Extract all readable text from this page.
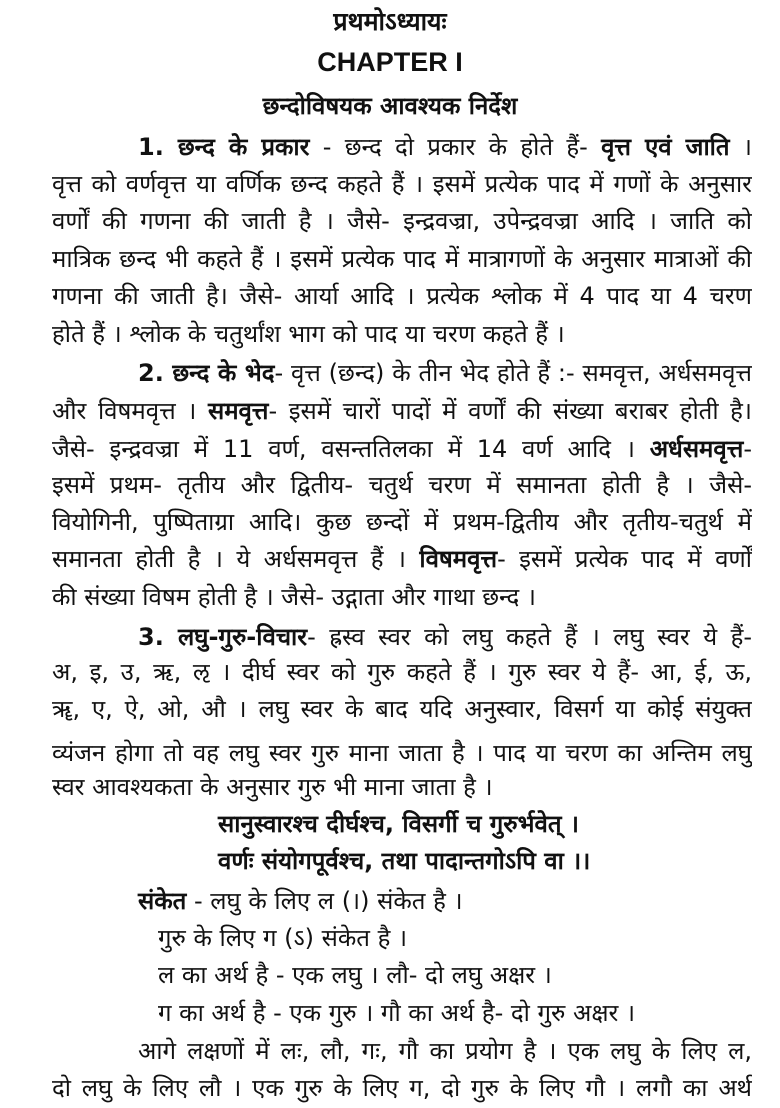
प्रथमोऽध्यायः
CHAPTER I
छन्दोविषयक आवश्यक निर्देश
1. छन्द के प्रकार - छन्द दो प्रकार के होते हैं- वृत्त एवं जाति ।
वृत्त को वर्णवृत्त या वर्णिक छन्द कहते हैं । इसमें प्रत्येक पाद में गणों के अनुसार
वर्णों की गणना की जाती है । जैसे- इन्द्रवज्रा, उपेन्द्रवज्रा आदि । जाति को
मात्रिक छन्द भी कहते हैं । इसमें प्रत्येक पाद में मात्रागणों के अनुसार मात्राओं की
गणना की जाती है। जैसे- आर्या आदि । प्रत्येक श्लोक में 4 पाद या 4 चरण
होते हैं । श्लोक के चतुर्थांश भाग को पाद या चरण कहते हैं ।
2. छन्द के भेद- वृत्त (छन्द) के तीन भेद होते हैं :- समवृत्त, अर्धसमवृत्त
और विषमवृत्त । समवृत्त- इसमें चारों पादों में वर्णों की संख्या बराबर होती है।
जैसे- इन्द्रवज्रा में 11 वर्ण, वसन्ततिलका में 14 वर्ण आदि । अर्धसमवृत्त-
इसमें प्रथम- तृतीय और द्वितीय- चतुर्थ चरण में समानता होती है । जैसे-
वियोगिनी, पुष्पिताग्रा आदि। कुछ छन्दों में प्रथम-द्वितीय और तृतीय-चतुर्थ में
समानता होती है । ये अर्धसमवृत्त हैं । विषमवृत्त- इसमें प्रत्येक पाद में वर्णों
की संख्या विषम होती है । जैसे- उद्गाता और गाथा छन्द ।
3. लघु-गुरु-विचार- ह्रस्व स्वर को लघु कहते हैं । लघु स्वर ये हैं-
अ, इ, उ, ऋ, ऌ । दीर्घ स्वर को गुरु कहते हैं । गुरु स्वर ये हैं- आ, ई, ऊ,
ॠ, ए, ऐ, ओ, औ । लघु स्वर के बाद यदि अनुस्वार, विसर्ग या कोई संयुक्त
व्यंजन होगा तो वह लघु स्वर गुरु माना जाता है । पाद या चरण का अन्तिम लघु
स्वर आवश्यकता के अनुसार गुरु भी माना जाता है ।
सानुस्वारश्च दीर्घश्च, विसर्गी च गुरुर्भवेत् ।
वर्णः संयोगपूर्वश्च, तथा पादान्तगोऽपि वा ।।
संकेत - लघु के लिए ल (।) संकेत है ।
गुरु के लिए ग (ऽ) संकेत है ।
ल का अर्थ है - एक लघु । लौ- दो लघु अक्षर ।
ग का अर्थ है - एक गुरु । गौ का अर्थ है- दो गुरु अक्षर ।
आगे लक्षणों में लः, लौ, गः, गौ का प्रयोग है । एक लघु के लिए ल,
दो लघु के लिए लौ । एक गुरु के लिए ग, दो गुरु के लिए गौ । लगौ का अर्थ
